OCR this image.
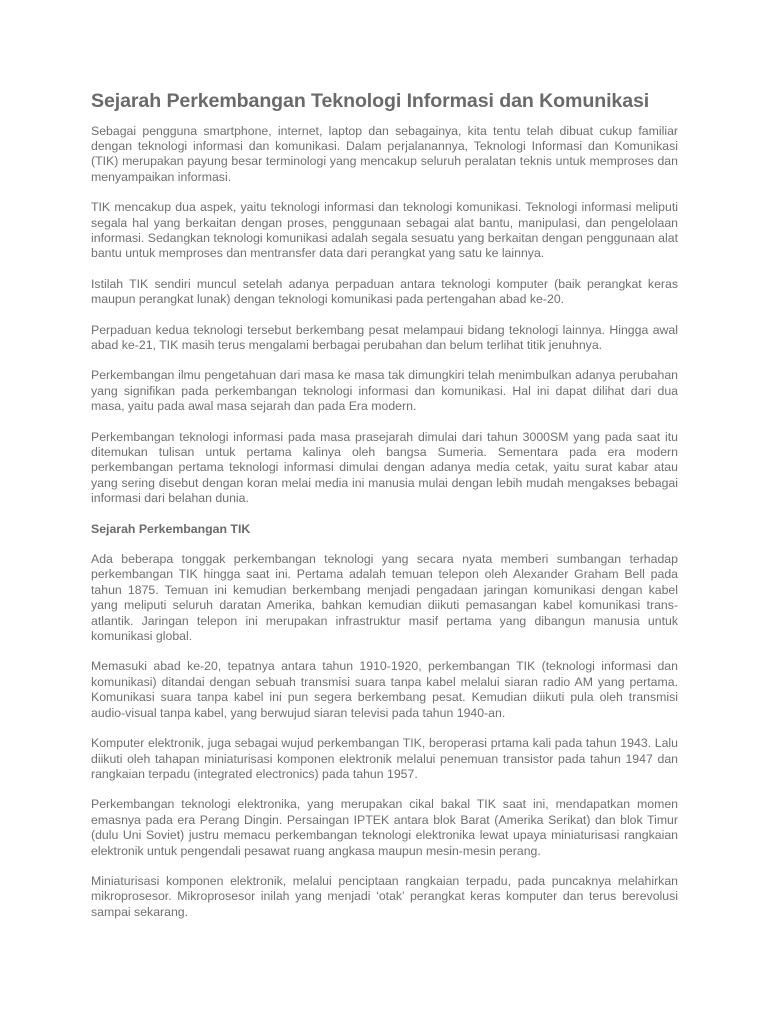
Sejarah Perkembangan Teknologi Informasi dan Komunikasi

Sebagai pengguna smartphone, internet, laptop dan sebagainya, kita tentu telah dibuat cukup familiar dengan teknologi informasi dan komunikasi. Dalam perjalanannya, Teknologi Informasi dan Komunikasi (TIK) merupakan payung besar terminologi yang mencakup seluruh peralatan teknis untuk memproses dan menyampaikan informasi.

TIK mencakup dua aspek, yaitu teknologi informasi dan teknologi komunikasi. Teknologi informasi meliputi segala hal yang berkaitan dengan proses, penggunaan sebagai alat bantu, manipulasi, dan pengelolaan informasi. Sedangkan teknologi komunikasi adalah segala sesuatu yang berkaitan dengan penggunaan alat bantu untuk memproses dan mentransfer data dari perangkat yang satu ke lainnya.

Istilah TIK sendiri muncul setelah adanya perpaduan antara teknologi komputer (baik perangkat keras maupun perangkat lunak) dengan teknologi komunikasi pada pertengahan abad ke-20.

Perpaduan kedua teknologi tersebut berkembang pesat melampaui bidang teknologi lainnya. Hingga awal abad ke-21, TIK masih terus mengalami berbagai perubahan dan belum terlihat titik jenuhnya.

Perkembangan ilmu pengetahuan dari masa ke masa tak dimungkiri telah menimbulkan adanya perubahan yang signifikan pada perkembangan teknologi informasi dan komunikasi. Hal ini dapat dilihat dari dua masa, yaitu pada awal masa sejarah dan pada Era modern.

Perkembangan teknologi informasi pada masa prasejarah dimulai dari tahun 3000SM yang pada saat itu ditemukan tulisan untuk pertama kalinya oleh bangsa Sumeria. Sementara pada era modern perkembangan pertama teknologi informasi dimulai dengan adanya media cetak, yaitu surat kabar atau yang sering disebut dengan koran melai media ini manusia mulai dengan lebih mudah mengakses bebagai informasi dari belahan dunia.

Sejarah Perkembangan TIK

Ada beberapa tonggak perkembangan teknologi yang secara nyata memberi sumbangan terhadap perkembangan TIK hingga saat ini. Pertama adalah temuan telepon oleh Alexander Graham Bell pada tahun 1875. Temuan ini kemudian berkembang menjadi pengadaan jaringan komunikasi dengan kabel yang meliputi seluruh daratan Amerika, bahkan kemudian diikuti pemasangan kabel komunikasi trans-atlantik. Jaringan telepon ini merupakan infrastruktur masif pertama yang dibangun manusia untuk komunikasi global.

Memasuki abad ke-20, tepatnya antara tahun 1910-1920, perkembangan TIK (teknologi informasi dan komunikasi) ditandai dengan sebuah transmisi suara tanpa kabel melalui siaran radio AM yang pertama. Komunikasi suara tanpa kabel ini pun segera berkembang pesat. Kemudian diikuti pula oleh transmisi audio-visual tanpa kabel, yang berwujud siaran televisi pada tahun 1940-an.

Komputer elektronik, juga sebagai wujud perkembangan TIK, beroperasi prtama kali pada tahun 1943. Lalu diikuti oleh tahapan miniaturisasi komponen elektronik melalui penemuan transistor pada tahun 1947 dan rangkaian terpadu (integrated electronics) pada tahun 1957.

Perkembangan teknologi elektronika, yang merupakan cikal bakal TIK saat ini, mendapatkan momen emasnya pada era Perang Dingin. Persaingan IPTEK antara blok Barat (Amerika Serikat) dan blok Timur (dulu Uni Soviet) justru memacu perkembangan teknologi elektronika lewat upaya miniaturisasi rangkaian elektronik untuk pengendali pesawat ruang angkasa maupun mesin-mesin perang.

Miniaturisasi komponen elektronik, melalui penciptaan rangkaian terpadu, pada puncaknya melahirkan mikroprosesor. Mikroprosesor inilah yang menjadi ‘otak’ perangkat keras komputer dan terus berevolusi sampai sekarang.
